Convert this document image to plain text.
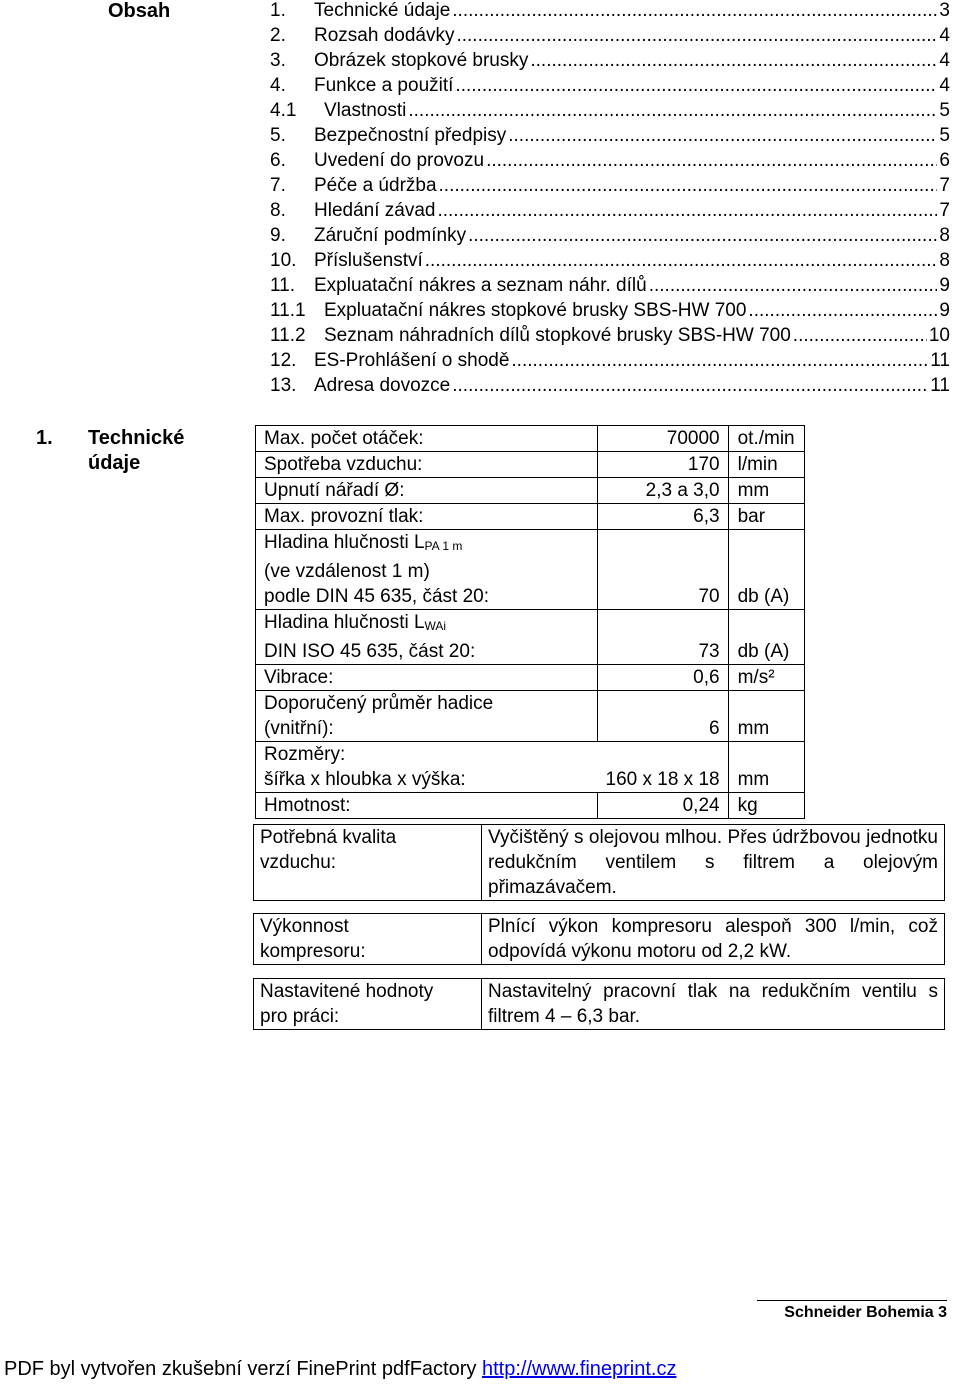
Obsah	1.	Technické údaje .....	3
2.	Rozsah dodávky .....	4
3.	Obrázek stopkové brusky .....	4
4.	Funkce a použití .....	4
4.1	Vlastnosti .....	5
5.	Bezpečnostní předpisy .....	5
6.	Uvedení do provozu .....	6
7.	Péče a údržba .....	7
8.	Hledání závad .....	7
9.	Záruční podmínky .....	8
10. Příslušenství .....	8
11. Expluatační nákres a seznam náhr. dílů .....	9
11.1 Expluatační nákres stopkové brusky SBS-HW 700 .....	9
11.2 Seznam náhradních dílů stopkové brusky SBS-HW 700 .....	10
12. ES-Prohlášení o shodě .....	11
13. Adresa dovozce .....	11
1. Technické
údaje
Max. počet otáček:	70000	ot./min
Spotřeba vzduchu:	170	l/min
Upnutí nářadí Ø:	2,3 a 3,0	mm
Max. provozní tlak:	6,3	bar

Hladina hlučnosti $L_{PA 1 m}$
(ve vzdálenost 1 m)
podle DIN 45 635, část 20:	70	db (A)

Hladina hlučnosti $L_{WAi}$
DIN ISO 45 635, část 20:	73	db (A)
Vibrace:	0,6	m/s²

Doporučený průměr hadice
(vnitřní):	6	mm

Rozměry:
šířka x hloubka x výška:	160 x 18 x 18	mm
Hmotnost:	0,24	kg
Potřebná kvalita
vzduchu:
	Vyčištěný s olejovou mlhou. Přes údržbovou jednotku redukčním ventilem s filtrem a olejovým přimazávačem.
Výkonnost
kompresoru:
	Plnící výkon kompresoru alespoň 300 l/min, což odpovídá výkonu motoru od 2,2 kW.
Nastavitené hodnoty
pro práci:
	Nastavitelný pracovní tlak na redukčním ventilu s filtrem 4 – 6,3 bar.
Schneider Bohemia 3
PDF byl vytvořen zkušební verzí FinePrint pdfFactory http://www.fineprint.cz
